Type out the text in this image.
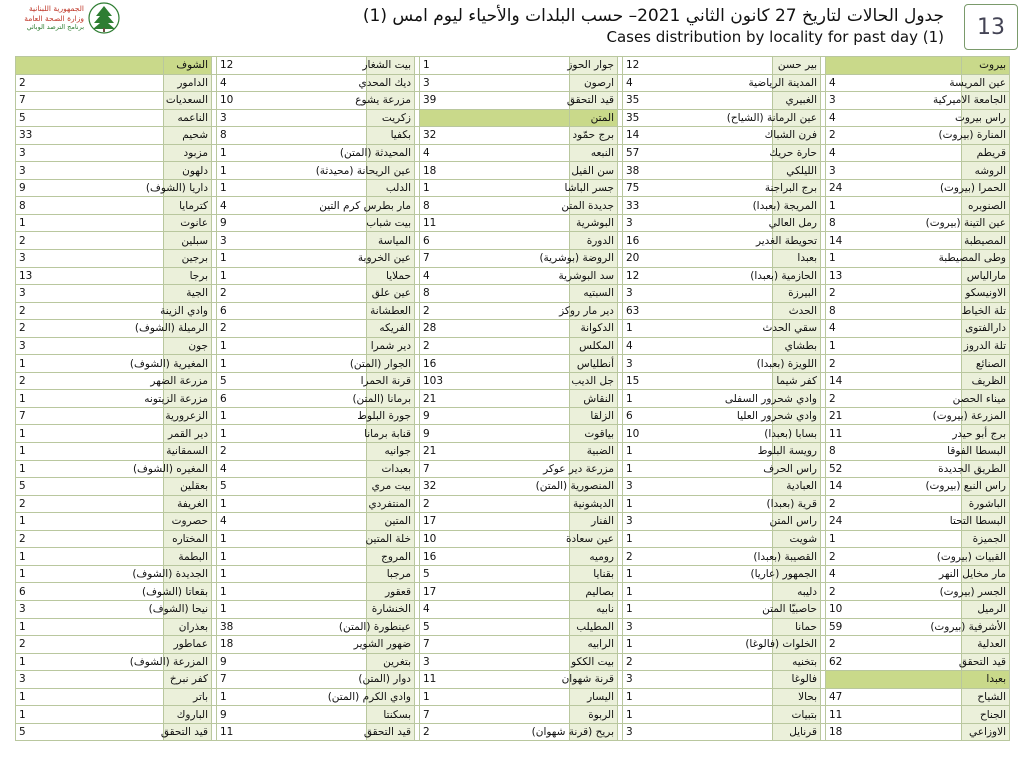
الجمهورية اللبنانية
وزارة الصحة العامة
برنامج الترصد الوبائي
جدول الحالات لتاريخ 27 كانون الثاني 2021– حسب البلدات والأحياء ليوم امس (1)
Cases distribution by locality for past day (1)	13
	الشوف		12	بيت الشغار		1	جوار الحوز		12	بير حسن			بيروت
2	الدامور		4	ديك المحدي		3	ارصون		4	المدينة الرياضية		4	عين المريسة
7	السعديات		10	مزرعة يشوع		39	قيد التحقق		35	الغبيري		3	الجامعة الاميركية
5	الناعمه		3	زكريت			المتن		35	عين الرمانة (الشياح)		4	راس بيروت
33	شحيم		8	بكفيا		32	برج حمّود		14	فرن الشباك		2	المنارة (بيروت)
3	مزبود		1	المحيدثة (المتن)		4	النبعه		57	حارة حريك		4	قريطم
3	دلهون		1	عين الريحانة (محيدثة)		18	سن الفيل		38	الليلكي		3	الروشه
9	داريا (الشوف)		1	الدلب		1	جسر الباشا		75	برج البراجنة		24	الحمرا (بيروت)
8	كترمايا		4	مار بطرس كرم التين		8	جديدة المتن		33	المريجة (بعبدا)		1	الصنوبره
1	عانوت		9	بيت شباب		11	البوشرية		3	رمل العالي		8	عين التينة (بيروت)
2	سبلين		3	المياسة		6	الدورة		16	تحويطة الغدير		14	المصيطبة
3	برجين		1	عين الخروبة		7	الروضة (بوشرية)		20	بعبدا		1	وطى المصيطبة
13	برجا		1	حملايا		4	سد البوشرية		12	الحازمية (بعبدا)		13	مارالياس
3	الجية		2	عين علق		8	السبتيه		3	البيرزة		2	الاونيسكو
2	وادي الزينة		6	العطشانة		2	دير مار روكز		63	الحدث		8	تلة الخياط
2	الرميلة (الشوف)		2	الفريكه		28	الدكوانة		1	سقي الحدث		4	دارالفتوى
3	جون		1	دير شمرا		2	المكلس		4	بطشاي		1	تلة الدروز
1	المغيرية (الشوف)		1	الجوار (المتن)		16	أنطلياس		3	اللويزة (بعبدا)		2	الصنائع
2	مزرعة الضهر		5	قرنة الحمرا		103	جل الديب		15	كفر شيما		14	الظريف
1	مزرعة الزيتونه		6	برمانا (المتن)		21	النقاش		1	وادي شحرور السفلى		2	ميناء الحصن
7	الزعرورية		1	جورة البلوط		9	الزلقا		6	وادي شحرور العليا		21	المزرعة (بيروت)
1	دير القمر		1	قنابة برمانا		9	بياقوت		10	بسابا (بعبدا)		11	برج أبو حيدر
1	السمقانية		2	جوانيه		21	الضبية		1	رويسة البلوط		8	البسطا الفوقا
1	المغيره (الشوف)		4	بعبدات		7	مزرعة دير عوكر		1	راس الحرف		52	الطريق الجديدة
5	بعقلين		5	بيت مري		32	المنصورية (المتن)		3	العبادية		14	راس النبع (بيروت)
2	الغريفة		1	المنتفردي		2	الديشونية		1	قرية (بعبدا)		2	الباشورة
1	حصروت		4	المتين		17	الفنار		3	راس المتن		24	البسطا التحتا
2	المختاره		1	خلة المتين		10	عين سعادة		1	شويت		1	الجميزة
1	البطمة		1	المروج		16	روميه		2	القصيبة (بعبدا)		2	القبيات (بيروت)
1	الجديدة (الشوف)		1	مرجبا		5	بقنايا		1	الجمهور (عاريا)		4	مار مخايل النهر
6	بقعاتا (الشوف)		1	قعقور		17	بصاليم		1	دليبه		2	الجسر (بيروت)
3	نيحا (الشوف)		1	الخنشارة		4	نابيه		1	حاصبيّا المتن		10	الرميل
1	بعذران		38	عينطورة (المتن)		5	المطيلب		3	حمانا		59	الأشرفية (بيروت)
2	عماطور		18	ضهور الشوير		7	الرابيه		1	الخلوات (فالوغا)		2	العدلية
1	المزرعة (الشوف)		9	بتغرين		3	بيت الككو		2	بتخنيه		62	قيد التحقق
3	كفر نبرخ		7	دوار (المتن)		11	قرنة شهوان		3	فالوغا			بعبدا
1	باتر		1	وادي الكرم (المتن)		1	اليسار		1	بحالا		47	الشياح
1	الباروك		9	بسكنتا		7	الربوة		1	بتبيات		11	الجناح
5	قيد التحقق		11	قيد التحقق		2	بريح (قرنة شهوان)		3	قرنايل		18	الاوزاعي
